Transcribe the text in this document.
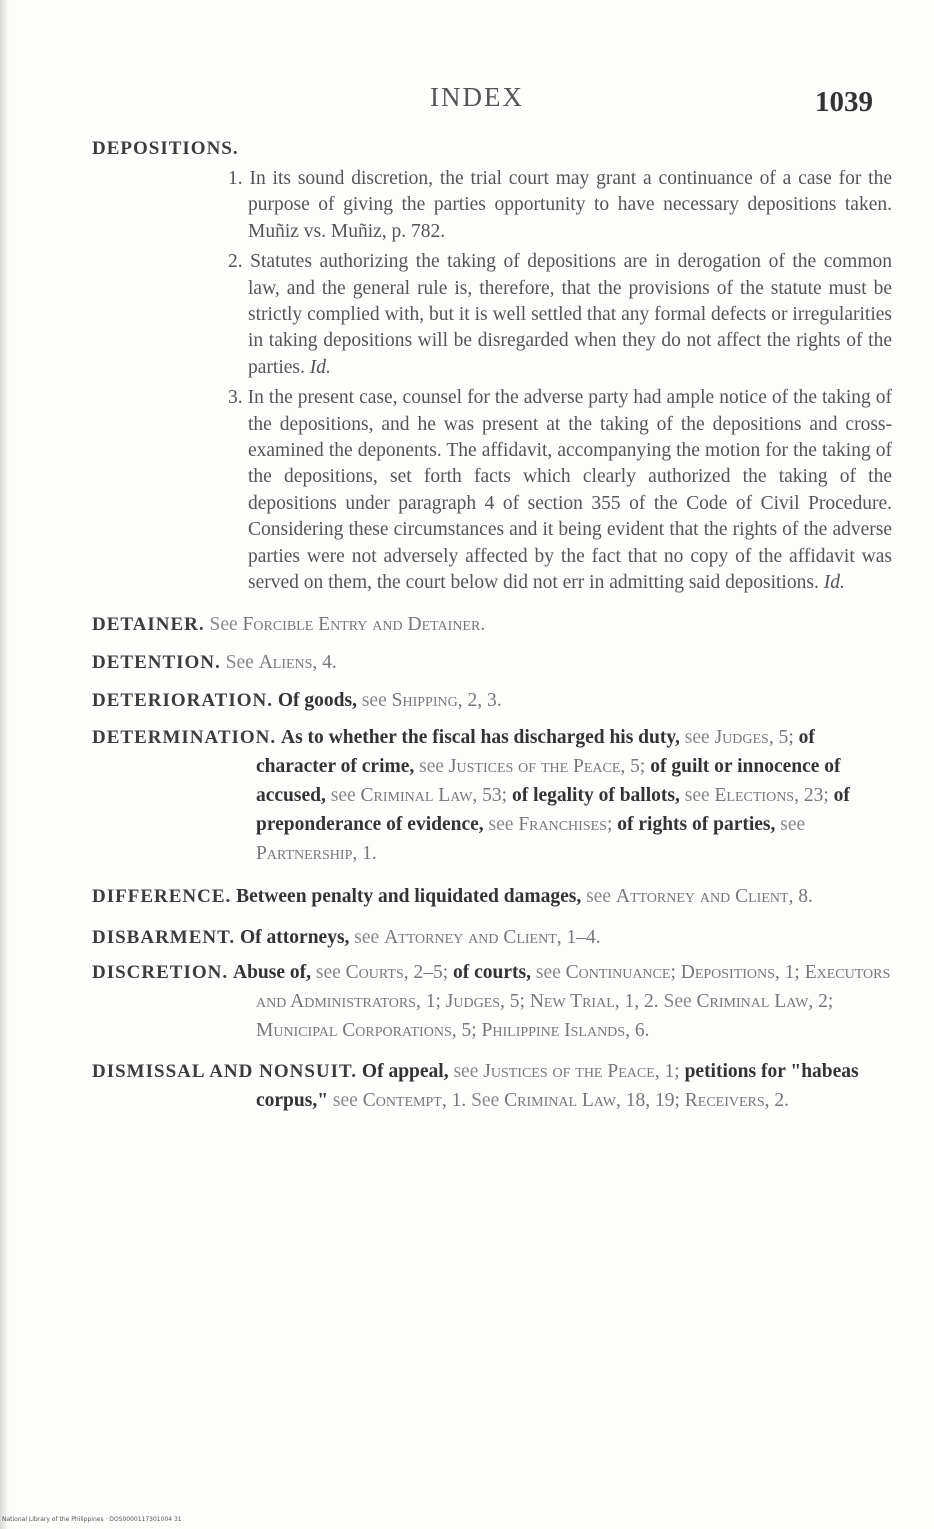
INDEX	1039
DEPOSITIONS.
1. In its sound discretion, the trial court may grant a continuance of a case for the purpose of giving the parties opportunity to have necessary depositions taken. Muñiz vs. Muñiz, p. 782.
2. Statutes authorizing the taking of depositions are in derogation of the common law, and the general rule is, therefore, that the provisions of the statute must be strictly complied with, but it is well settled that any formal defects or irregularities in taking depositions will be disregarded when they do not affect the rights of the parties. Id.
3. In the present case, counsel for the adverse party had ample notice of the taking of the depositions, and he was present at the taking of the depositions and cross-examined the deponents. The affidavit, accompanying the motion for the taking of the depositions, set forth facts which clearly authorized the taking of the depositions under paragraph 4 of section 355 of the Code of Civil Procedure. Considering these circumstances and it being evident that the rights of the adverse parties were not adversely affected by the fact that no copy of the affidavit was served on them, the court below did not err in admitting said depositions. Id.

DETAINER. See Forcible Entry and Detainer.

DETENTION. See Aliens, 4.

DETERIORATION. Of goods, see Shipping, 2, 3.

DETERMINATION. As to whether the fiscal has discharged his duty, see Judges, 5; of character of crime, see Justices of the Peace, 5; of guilt or innocence of accused, see Criminal Law, 53; of legality of ballots, see Elections, 23; of preponderance of evidence, see Franchises; of rights of parties, see Partnership, 1.

DIFFERENCE. Between penalty and liquidated damages, see Attorney and Client, 8.

DISBARMENT. Of attorneys, see Attorney and Client, 1–4.

DISCRETION. Abuse of, see Courts, 2–5; of courts, see Continuance; Depositions, 1; Executors and Administrators, 1; Judges, 5; New Trial, 1, 2. See Criminal Law, 2; Municipal Corporations, 5; Philippine Islands, 6.

DISMISSAL AND NONSUIT. Of appeal, see Justices of the Peace, 1; petitions for "habeas corpus," see Contempt, 1. See Criminal Law, 18, 19; Receivers, 2.

National Library of the Philippines · DOS0000117301004 31
